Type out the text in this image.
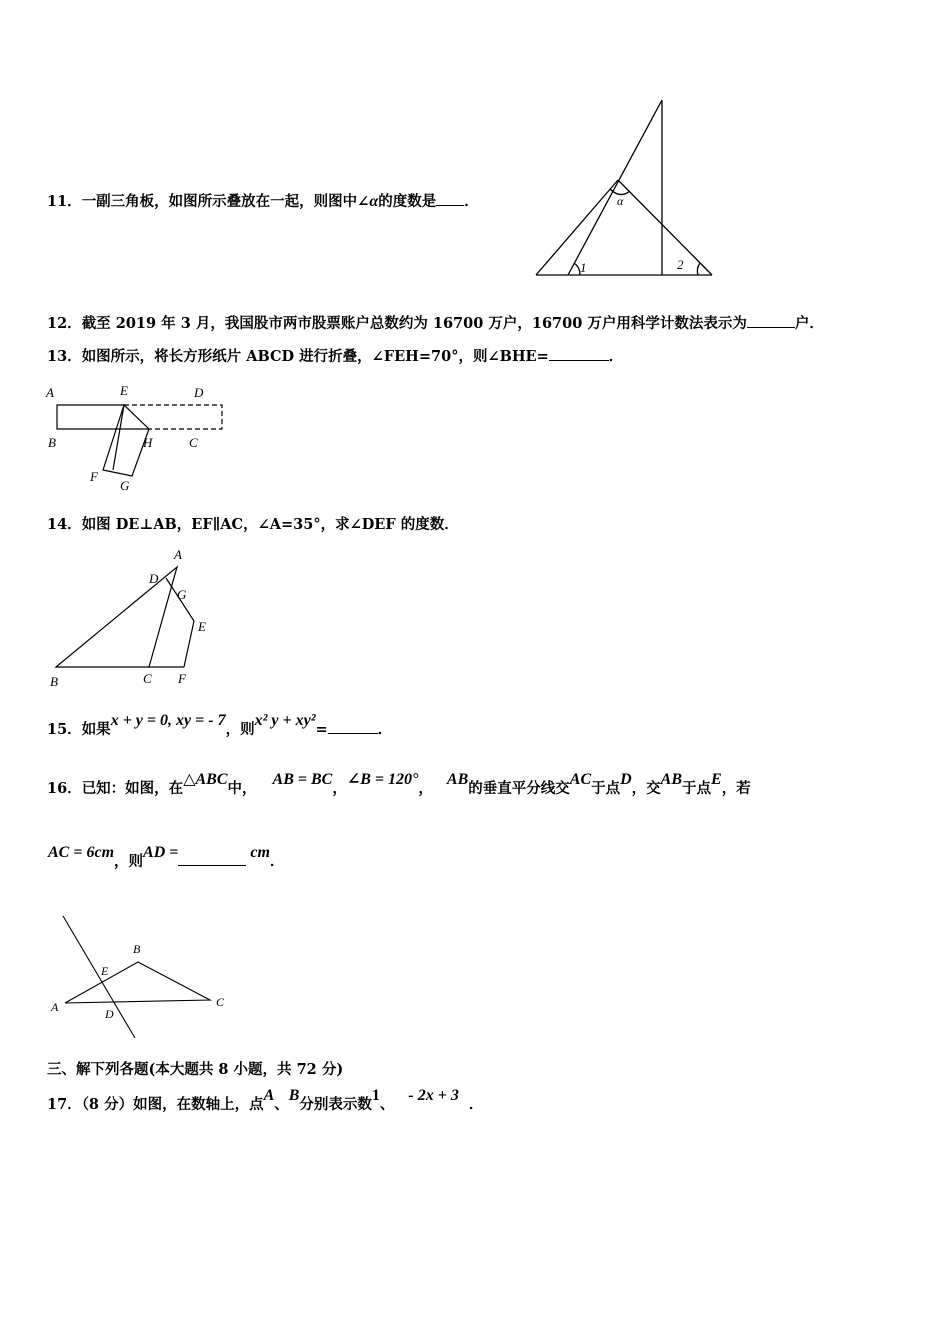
11．一副三角板，如图所示叠放在一起，则图中∠α的度数是 ．	α
1	2
12．截至 2019 年 3 月，我国股市两市股票账户总数约为 16700 万户，16700 万户用科学计数法表示为	户．
13．如图所示，将长方形纸片 ABCD 进行折叠，∠FEH=70°，则∠BHE=	．
A	E	D
B	H	C
F
G
14．如图 DE⊥AB，EF∥AC，∠A=35°，求∠DEF 的度数．
A
D
G
E
B	C F
15．如果x + y = 0, xy = - 7，则x² y + xy²=	．
16．已知：如图，在△ABC中，AB = BC，∠B = 120°，AB的垂直平分线交AC于点D，交AB于点E，若
AC = 6cm，则AD =	cm．
B
E
A	D
C
三、解下列各题(本大题共 8 小题，共 72 分)
17．（8 分）如图，在数轴上，点A、B分别表示数1、- 2x + 3．
